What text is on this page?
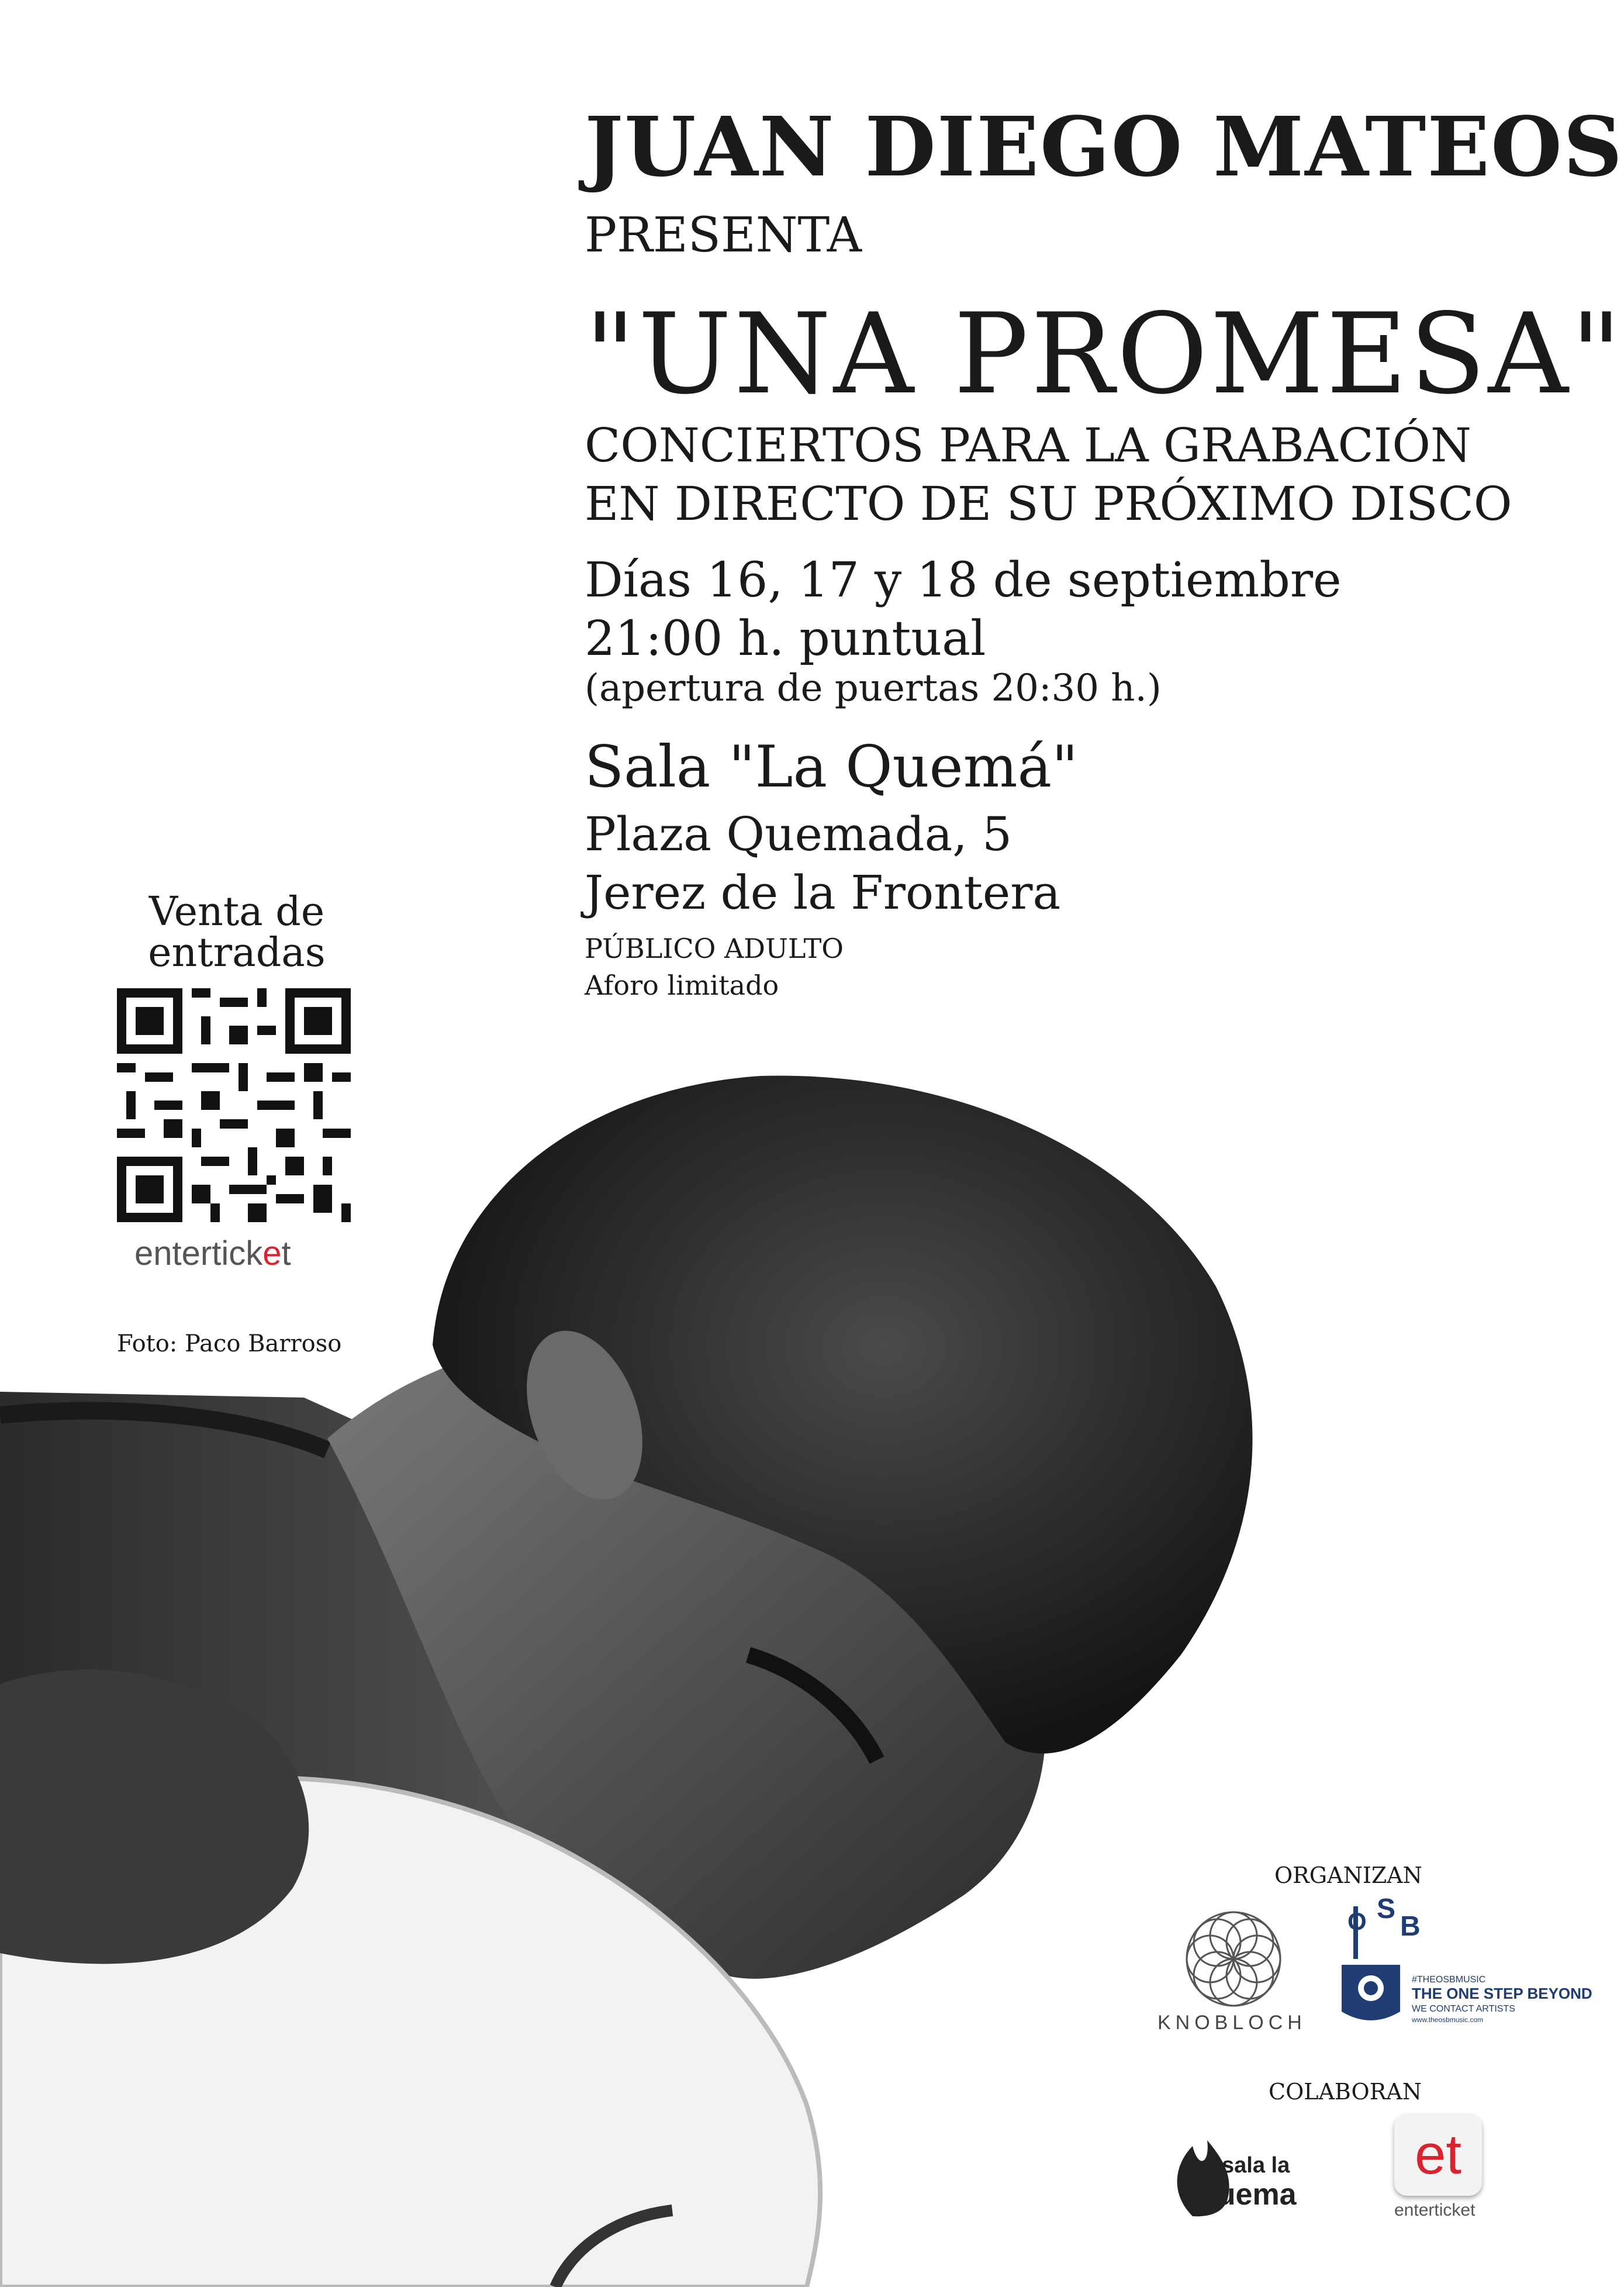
JUAN DIEGO MATEOS
PRESENTA
"UNA PROMESA"
CONCIERTOS PARA LA GRABACIÓN
EN DIRECTO DE SU PRÓXIMO DISCO
Días 16, 17 y 18 de septiembre
21:00 h. puntual
(apertura de puertas 20:30 h.)
Sala "La Quemá"
Plaza Quemada, 5
Jerez de la Frontera
PÚBLICO ADULTO
Aforo limitado
Venta de entradas
enterticket
Foto: Paco Barroso
ORGANIZAN
KNOBLOCH
O S
B
#THEOSBMUSIC
THE ONE STEP BEYOND
WE CONTACT ARTISTS
www.theosbmusic.com
COLABORAN
sala la
quema
et
enterticket
